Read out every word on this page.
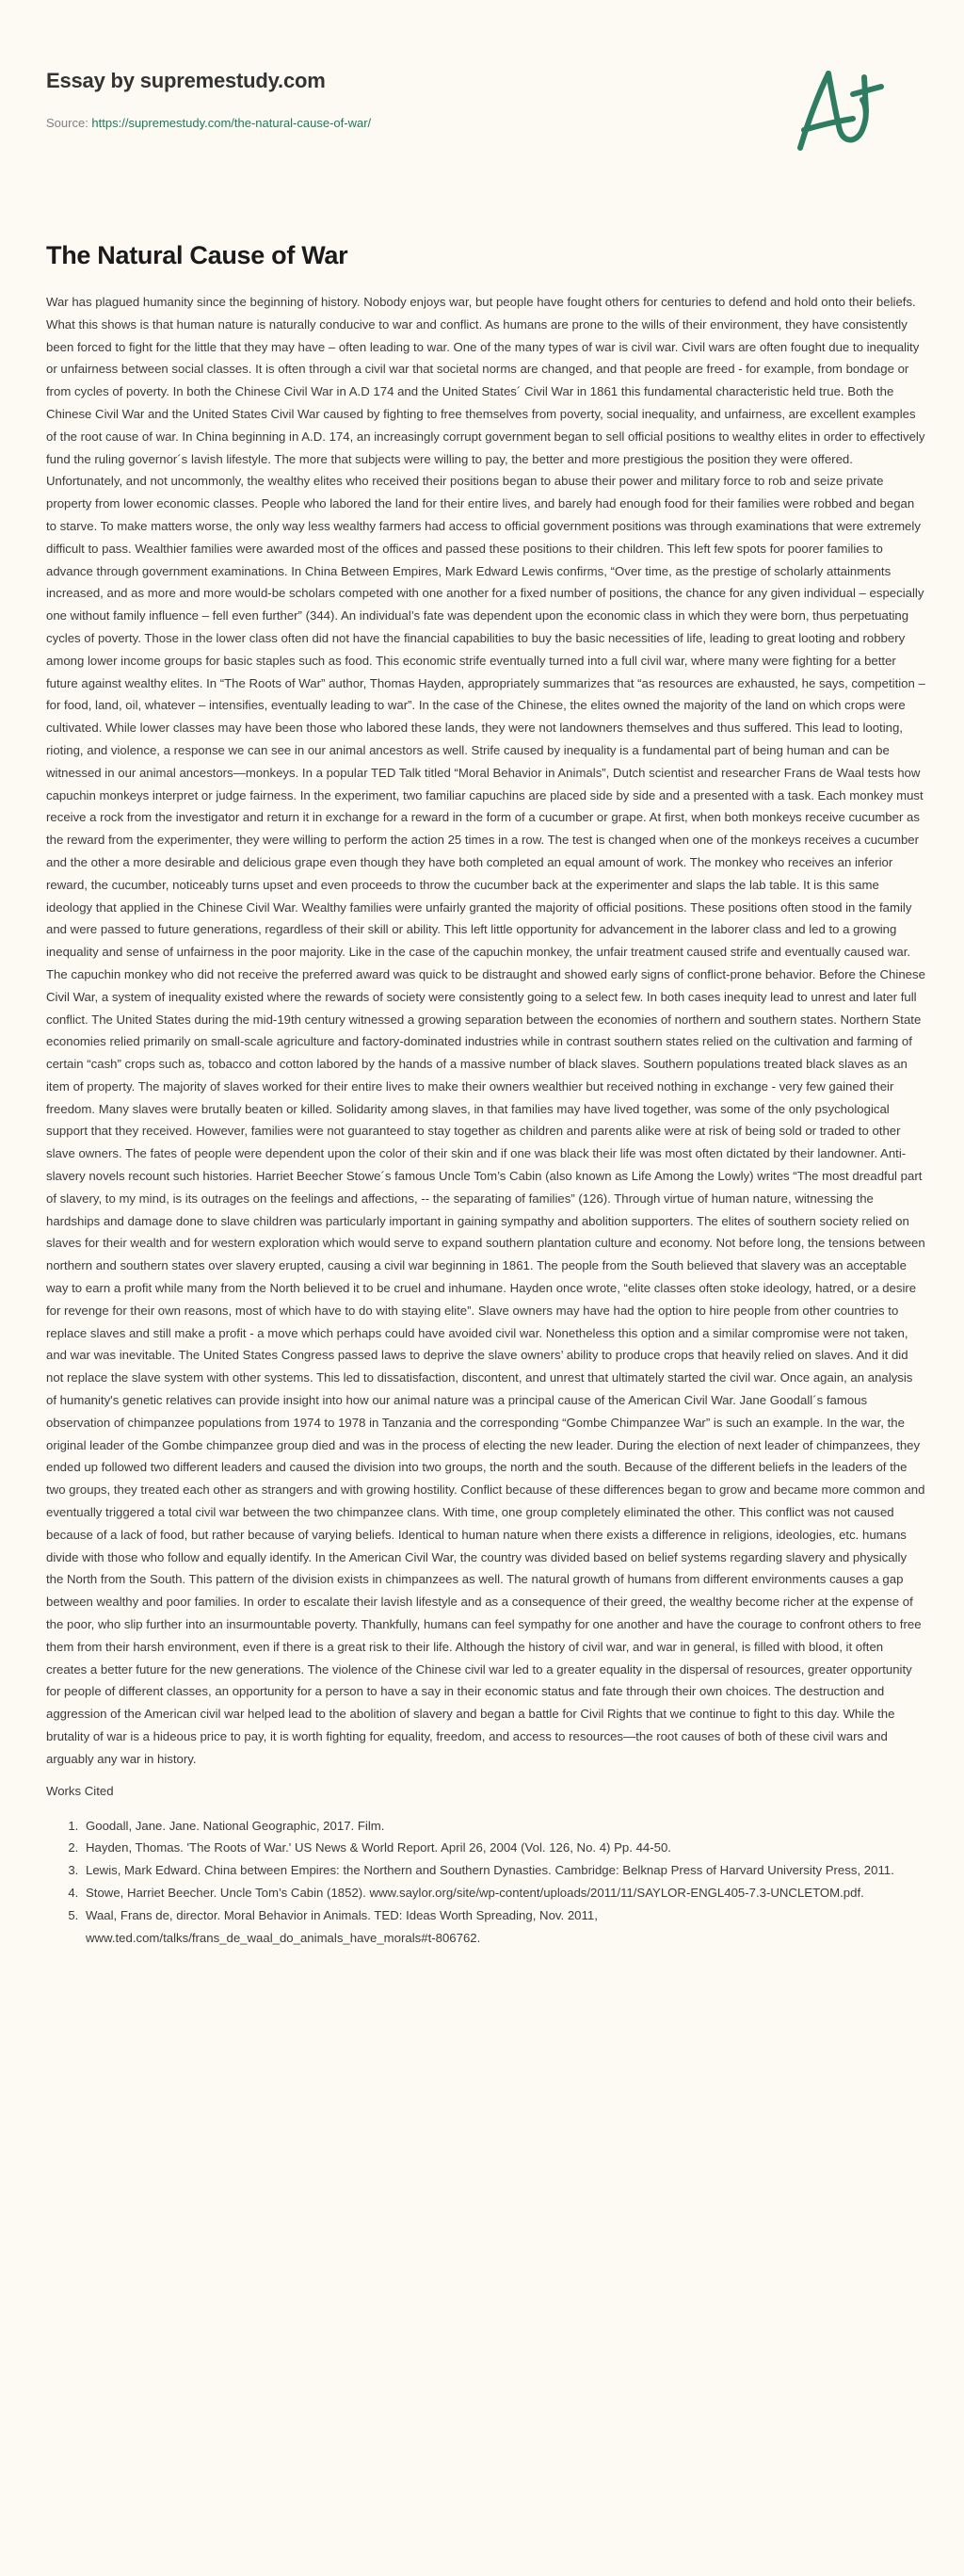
Essay by supremestudy.com

Source: https://supremestudy.com/the-natural-cause-of-war/

The Natural Cause of War

War has plagued humanity since the beginning of history. Nobody enjoys war, but people have fought others for centuries to defend and hold onto their beliefs. What this shows is that human nature is naturally conducive to war and conflict. As humans are prone to the wills of their environment, they have consistently been forced to fight for the little that they may have – often leading to war. One of the many types of war is civil war. Civil wars are often fought due to inequality or unfairness between social classes. It is often through a civil war that societal norms are changed, and that people are freed - for example, from bondage or from cycles of poverty. In both the Chinese Civil War in A.D 174 and the United States´ Civil War in 1861 this fundamental characteristic held true. Both the Chinese Civil War and the United States Civil War caused by fighting to free themselves from poverty, social inequality, and unfairness, are excellent examples of the root cause of war. In China beginning in A.D. 174, an increasingly corrupt government began to sell official positions to wealthy elites in order to effectively fund the ruling governor´s lavish lifestyle. The more that subjects were willing to pay, the better and more prestigious the position they were offered. Unfortunately, and not uncommonly, the wealthy elites who received their positions began to abuse their power and military force to rob and seize private property from lower economic classes. People who labored the land for their entire lives, and barely had enough food for their families were robbed and began to starve. To make matters worse, the only way less wealthy farmers had access to official government positions was through examinations that were extremely difficult to pass. Wealthier families were awarded most of the offices and passed these positions to their children. This left few spots for poorer families to advance through government examinations. In China Between Empires, Mark Edward Lewis confirms, “Over time, as the prestige of scholarly attainments increased, and as more and more would-be scholars competed with one another for a fixed number of positions, the chance for any given individual – especially one without family influence – fell even further” (344). An individual’s fate was dependent upon the economic class in which they were born, thus perpetuating cycles of poverty. Those in the lower class often did not have the financial capabilities to buy the basic necessities of life, leading to great looting and robbery among lower income groups for basic staples such as food. This economic strife eventually turned into a full civil war, where many were fighting for a better future against wealthy elites. In “The Roots of War” author, Thomas Hayden, appropriately summarizes that “as resources are exhausted, he says, competition – for food, land, oil, whatever – intensifies, eventually leading to war”. In the case of the Chinese, the elites owned the majority of the land on which crops were cultivated. While lower classes may have been those who labored these lands, they were not landowners themselves and thus suffered. This lead to looting, rioting, and violence, a response we can see in our animal ancestors as well. Strife caused by inequality is a fundamental part of being human and can be witnessed in our animal ancestors—monkeys. In a popular TED Talk titled “Moral Behavior in Animals”, Dutch scientist and researcher Frans de Waal tests how capuchin monkeys interpret or judge fairness. In the experiment, two familiar capuchins are placed side by side and a presented with a task. Each monkey must receive a rock from the investigator and return it in exchange for a reward in the form of a cucumber or grape. At first, when both monkeys receive cucumber as the reward from the experimenter, they were willing to perform the action 25 times in a row. The test is changed when one of the monkeys receives a cucumber and the other a more desirable and delicious grape even though they have both completed an equal amount of work. The monkey who receives an inferior reward, the cucumber, noticeably turns upset and even proceeds to throw the cucumber back at the experimenter and slaps the lab table. It is this same ideology that applied in the Chinese Civil War. Wealthy families were unfairly granted the majority of official positions. These positions often stood in the family and were passed to future generations, regardless of their skill or ability. This left little opportunity for advancement in the laborer class and led to a growing inequality and sense of unfairness in the poor majority. Like in the case of the capuchin monkey, the unfair treatment caused strife and eventually caused war. The capuchin monkey who did not receive the preferred award was quick to be distraught and showed early signs of conflict-prone behavior. Before the Chinese Civil War, a system of inequality existed where the rewards of society were consistently going to a select few. In both cases inequity lead to unrest and later full conflict. The United States during the mid-19th century witnessed a growing separation between the economies of northern and southern states. Northern State economies relied primarily on small-scale agriculture and factory-dominated industries while in contrast southern states relied on the cultivation and farming of certain “cash” crops such as, tobacco and cotton labored by the hands of a massive number of black slaves. Southern populations treated black slaves as an item of property. The majority of slaves worked for their entire lives to make their owners wealthier but received nothing in exchange - very few gained their freedom. Many slaves were brutally beaten or killed. Solidarity among slaves, in that families may have lived together, was some of the only psychological support that they received. However, families were not guaranteed to stay together as children and parents alike were at risk of being sold or traded to other slave owners. The fates of people were dependent upon the color of their skin and if one was black their life was most often dictated by their landowner. Anti-slavery novels recount such histories. Harriet Beecher Stowe´s famous Uncle Tom’s Cabin (also known as Life Among the Lowly) writes “The most dreadful part of slavery, to my mind, is its outrages on the feelings and affections, -- the separating of families” (126). Through virtue of human nature, witnessing the hardships and damage done to slave children was particularly important in gaining sympathy and abolition supporters. The elites of southern society relied on slaves for their wealth and for western exploration which would serve to expand southern plantation culture and economy. Not before long, the tensions between northern and southern states over slavery erupted, causing a civil war beginning in 1861. The people from the South believed that slavery was an acceptable way to earn a profit while many from the North believed it to be cruel and inhumane. Hayden once wrote, “elite classes often stoke ideology, hatred, or a desire for revenge for their own reasons, most of which have to do with staying elite”. Slave owners may have had the option to hire people from other countries to replace slaves and still make a profit - a move which perhaps could have avoided civil war. Nonetheless this option and a similar compromise were not taken, and war was inevitable. The United States Congress passed laws to deprive the slave owners’ ability to produce crops that heavily relied on slaves. And it did not replace the slave system with other systems. This led to dissatisfaction, discontent, and unrest that ultimately started the civil war. Once again, an analysis of humanity's genetic relatives can provide insight into how our animal nature was a principal cause of the American Civil War. Jane Goodall´s famous observation of chimpanzee populations from 1974 to 1978 in Tanzania and the corresponding “Gombe Chimpanzee War” is such an example. In the war, the original leader of the Gombe chimpanzee group died and was in the process of electing the new leader. During the election of next leader of chimpanzees, they ended up followed two different leaders and caused the division into two groups, the north and the south. Because of the different beliefs in the leaders of the two groups, they treated each other as strangers and with growing hostility. Conflict because of these differences began to grow and became more common and eventually triggered a total civil war between the two chimpanzee clans. With time, one group completely eliminated the other. This conflict was not caused because of a lack of food, but rather because of varying beliefs. Identical to human nature when there exists a difference in religions, ideologies, etc. humans divide with those who follow and equally identify. In the American Civil War, the country was divided based on belief systems regarding slavery and physically the North from the South. This pattern of the division exists in chimpanzees as well. The natural growth of humans from different environments causes a gap between wealthy and poor families. In order to escalate their lavish lifestyle and as a consequence of their greed, the wealthy become richer at the expense of the poor, who slip further into an insurmountable poverty. Thankfully, humans can feel sympathy for one another and have the courage to confront others to free them from their harsh environment, even if there is a great risk to their life. Although the history of civil war, and war in general, is filled with blood, it often creates a better future for the new generations. The violence of the Chinese civil war led to a greater equality in the dispersal of resources, greater opportunity for people of different classes, an opportunity for a person to have a say in their economic status and fate through their own choices. The destruction and aggression of the American civil war helped lead to the abolition of slavery and began a battle for Civil Rights that we continue to fight to this day. While the brutality of war is a hideous price to pay, it is worth fighting for equality, freedom, and access to resources—the root causes of both of these civil wars and arguably any war in history.

Works Cited

1. Goodall, Jane. Jane. National Geographic, 2017. Film.
2. Hayden, Thomas. 'The Roots of War.' US News & World Report. April 26, 2004 (Vol. 126, No. 4) Pp. 44-50.
3. Lewis, Mark Edward. China between Empires: the Northern and Southern Dynasties. Cambridge: Belknap Press of Harvard University Press, 2011.
4. Stowe, Harriet Beecher. Uncle Tom’s Cabin (1852). www.saylor.org/site/wp-content/uploads/2011/11/SAYLOR-ENGL405-7.3-UNCLETOM.pdf.
5. Waal, Frans de, director. Moral Behavior in Animals. TED: Ideas Worth Spreading, Nov. 2011, www.ted.com/talks/frans_de_waal_do_animals_have_morals#t-806762.
